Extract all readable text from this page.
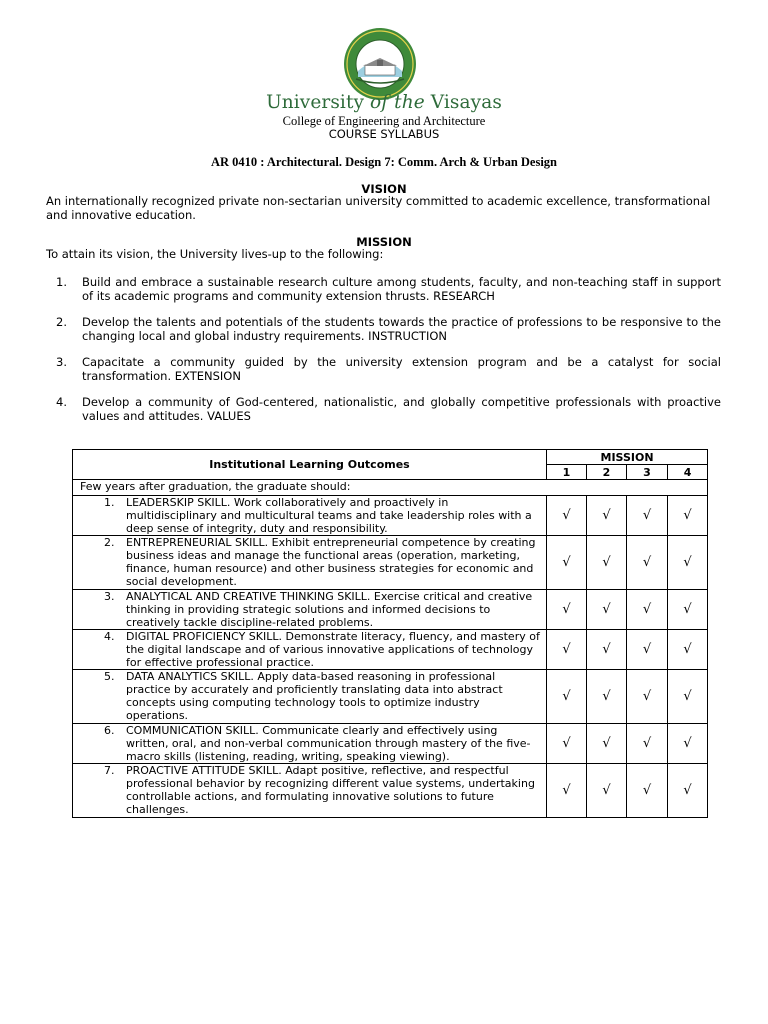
University of the Visayas
College of Engineering and Architecture
COURSE SYLLABUS
AR 0410 : Architectural. Design 7: Comm. Arch & Urban Design
VISION
An internationally recognized private non-sectarian university committed to academic excellence, transformational and innovative education.
MISSION
To attain its vision, the University lives-up to the following:
1. Build and embrace a sustainable research culture among students, faculty, and non-teaching staff in support of its academic programs and community extension thrusts. RESEARCH
2. Develop the talents and potentials of the students towards the practice of professions to be responsive to the changing local and global industry requirements. INSTRUCTION
3. Capacitate a community guided by the university extension program and be a catalyst for social transformation. EXTENSION
4. Develop a community of God-centered, nationalistic, and globally competitive professionals with proactive values and attitudes. VALUES
Institutional Learning Outcomes	MISSION			
	1	2	3	4
Few years after graduation, the graduate should:				

1. LEADERSKIP SKILL. Work collaboratively and proactively in multidisciplinary and multicultural teams and take leadership roles with a deep sense of integrity, duty and responsibility.	√	√	√	√

2. ENTREPRENEURIAL SKILL. Exhibit entrepreneurial competence by creating business ideas and manage the functional areas (operation, marketing, finance, human resource) and other business strategies for economic and social development.	√	√	√	√

3. ANALYTICAL AND CREATIVE THINKING SKILL. Exercise critical and creative thinking in providing strategic solutions and informed decisions to creatively tackle discipline-related problems.	√	√	√	√

4. DIGITAL PROFICIENCY SKILL. Demonstrate literacy, fluency, and mastery of the digital landscape and of various innovative applications of technology for effective professional practice.	√	√	√	√

5. DATA ANALYTICS SKILL. Apply data-based reasoning in professional practice by accurately and proficiently translating data into abstract concepts using computing technology tools to optimize industry operations.	√	√	√	√

6. COMMUNICATION SKILL. Communicate clearly and effectively using written, oral, and non-verbal communication through mastery of the five-macro skills (listening, reading, writing, speaking viewing).	√	√	√	√

7. PROACTIVE ATTITUDE SKILL. Adapt positive, reflective, and respectful professional behavior by recognizing different value systems, undertaking controllable actions, and formulating innovative solutions to future challenges.	√	√	√	√
